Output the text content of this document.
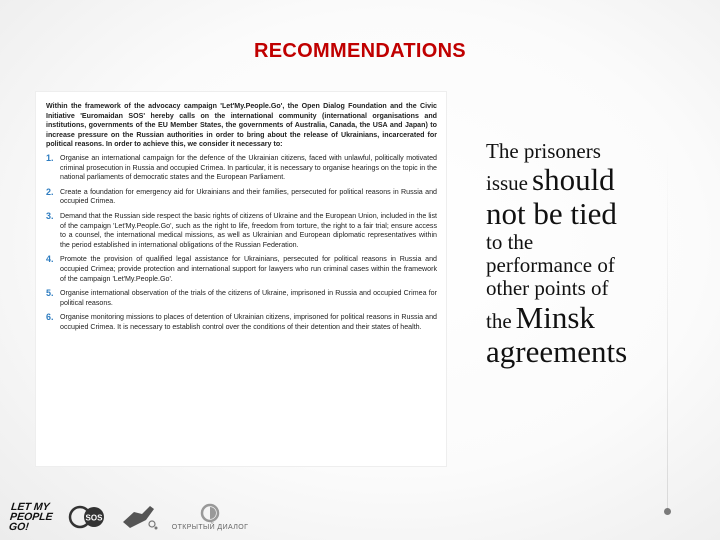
RECOMMENDATIONS

Within the framework of the advocacy campaign 'Let'My.People.Go', the Open Dialog Foundation and the Civic Initiative 'Euromaidan SOS' hereby calls on the international community (international organisations and institutions, governments of the EU Member States, the governments of Australia, Canada, the USA and Japan) to increase pressure on the Russian authorities in order to bring about the release of Ukrainians, incarcerated for political reasons. In order to achieve this, we consider it necessary to:

1. Organise an international campaign for the defence of the Ukrainian citizens, faced with unlawful, politically motivated criminal prosecution in Russia and occupied Crimea. In particular, it is necessary to organise hearings on the topic in the national parliaments of democratic states and the European Parliament.
2. Create a foundation for emergency aid for Ukrainians and their families, persecuted for political reasons in Russia and occupied Crimea.
3. Demand that the Russian side respect the basic rights of citizens of Ukraine and the European Union, included in the list of the campaign 'Let'My.People.Go', such as the right to life, freedom from torture, the right to a fair trial; ensure access to a counsel, the international medical missions, as well as Ukrainian and European diplomatic representatives within the period established in international obligations of the Russian Federation.
4. Promote the provision of qualified legal assistance for Ukrainians, persecuted for political reasons in Russia and occupied Crimea; provide protection and international support for lawyers who run criminal cases within the framework of the campaign 'Let'My.People.Go'.
5. Organise international observation of the trials of the citizens of Ukraine, imprisoned in Russia and occupied Crimea for political reasons.
6. Organise monitoring missions to places of detention of Ukrainian citizens, imprisoned for political reasons in Russia and occupied Crimea. It is necessary to establish control over the conditions of their detention and their states of health.
The prisoners
issue should
not be tied
to the
performance of
other points of
the Minsk
agreements
LET MY
PEOPLE
GO!
SOS
ОТКРЫТЫЙ ДИАЛОГ
